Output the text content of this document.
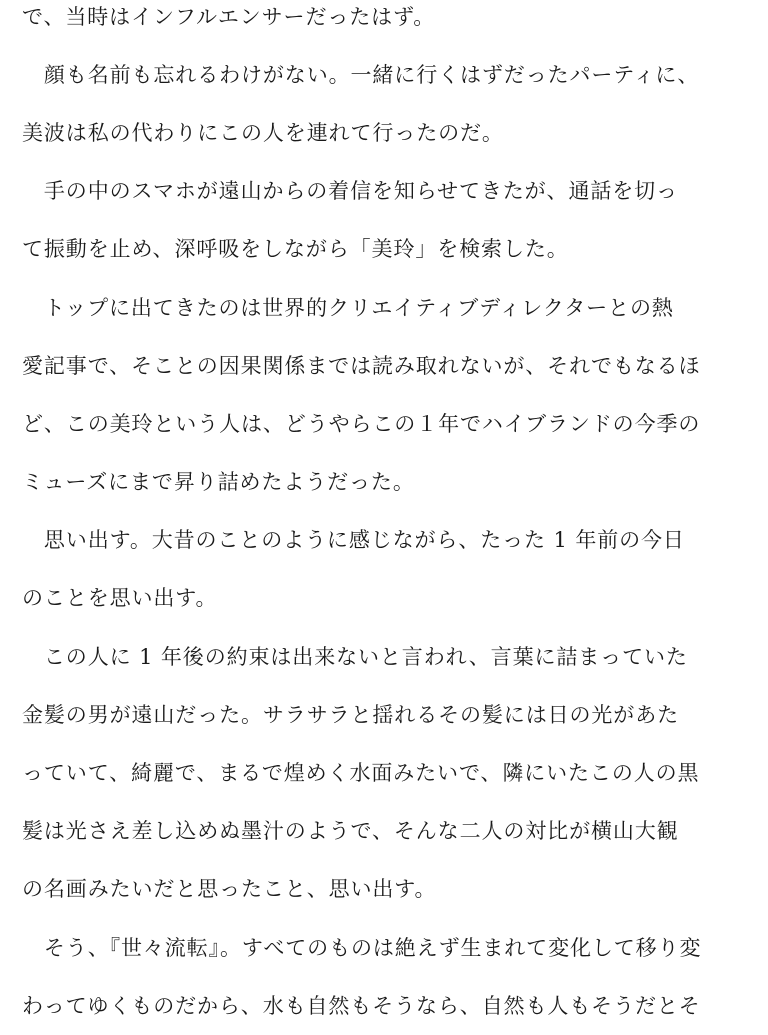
で、当時はインフルエンサーだったはず。
　顔も名前も忘れるわけがない。一緒に行くはずだったパーティに、
美波は私の代わりにこの人を連れて行ったのだ。
　手の中のスマホが遠山からの着信を知らせてきたが、通話を切っ
て振動を止め、深呼吸をしながら「美玲」を検索した。
　トップに出てきたのは世界的クリエイティブディレクターとの熱
愛記事で、そことの因果関係までは読み取れないが、それでもなるほ
ど、この美玲という人は、どうやらこの１年でハイブランドの今季の
ミューズにまで昇り詰めたようだった。
　思い出す。大昔のことのように感じながら、たった 1 年前の今日
のことを思い出す。
　この人に 1 年後の約束は出来ないと言われ、言葉に詰まっていた
金髪の男が遠山だった。サラサラと揺れるその髪には日の光があた
っていて、綺麗で、まるで煌めく水面みたいで、隣にいたこの人の黒
髪は光さえ差し込めぬ墨汁のようで、そんな二人の対比が横山大観
の名画みたいだと思ったこと、思い出す。
　そう、『世々流転』。すべてのものは絶えず生まれて変化して移り変
わってゆくものだから、水も自然もそうなら、自然も人もそうだとそ
